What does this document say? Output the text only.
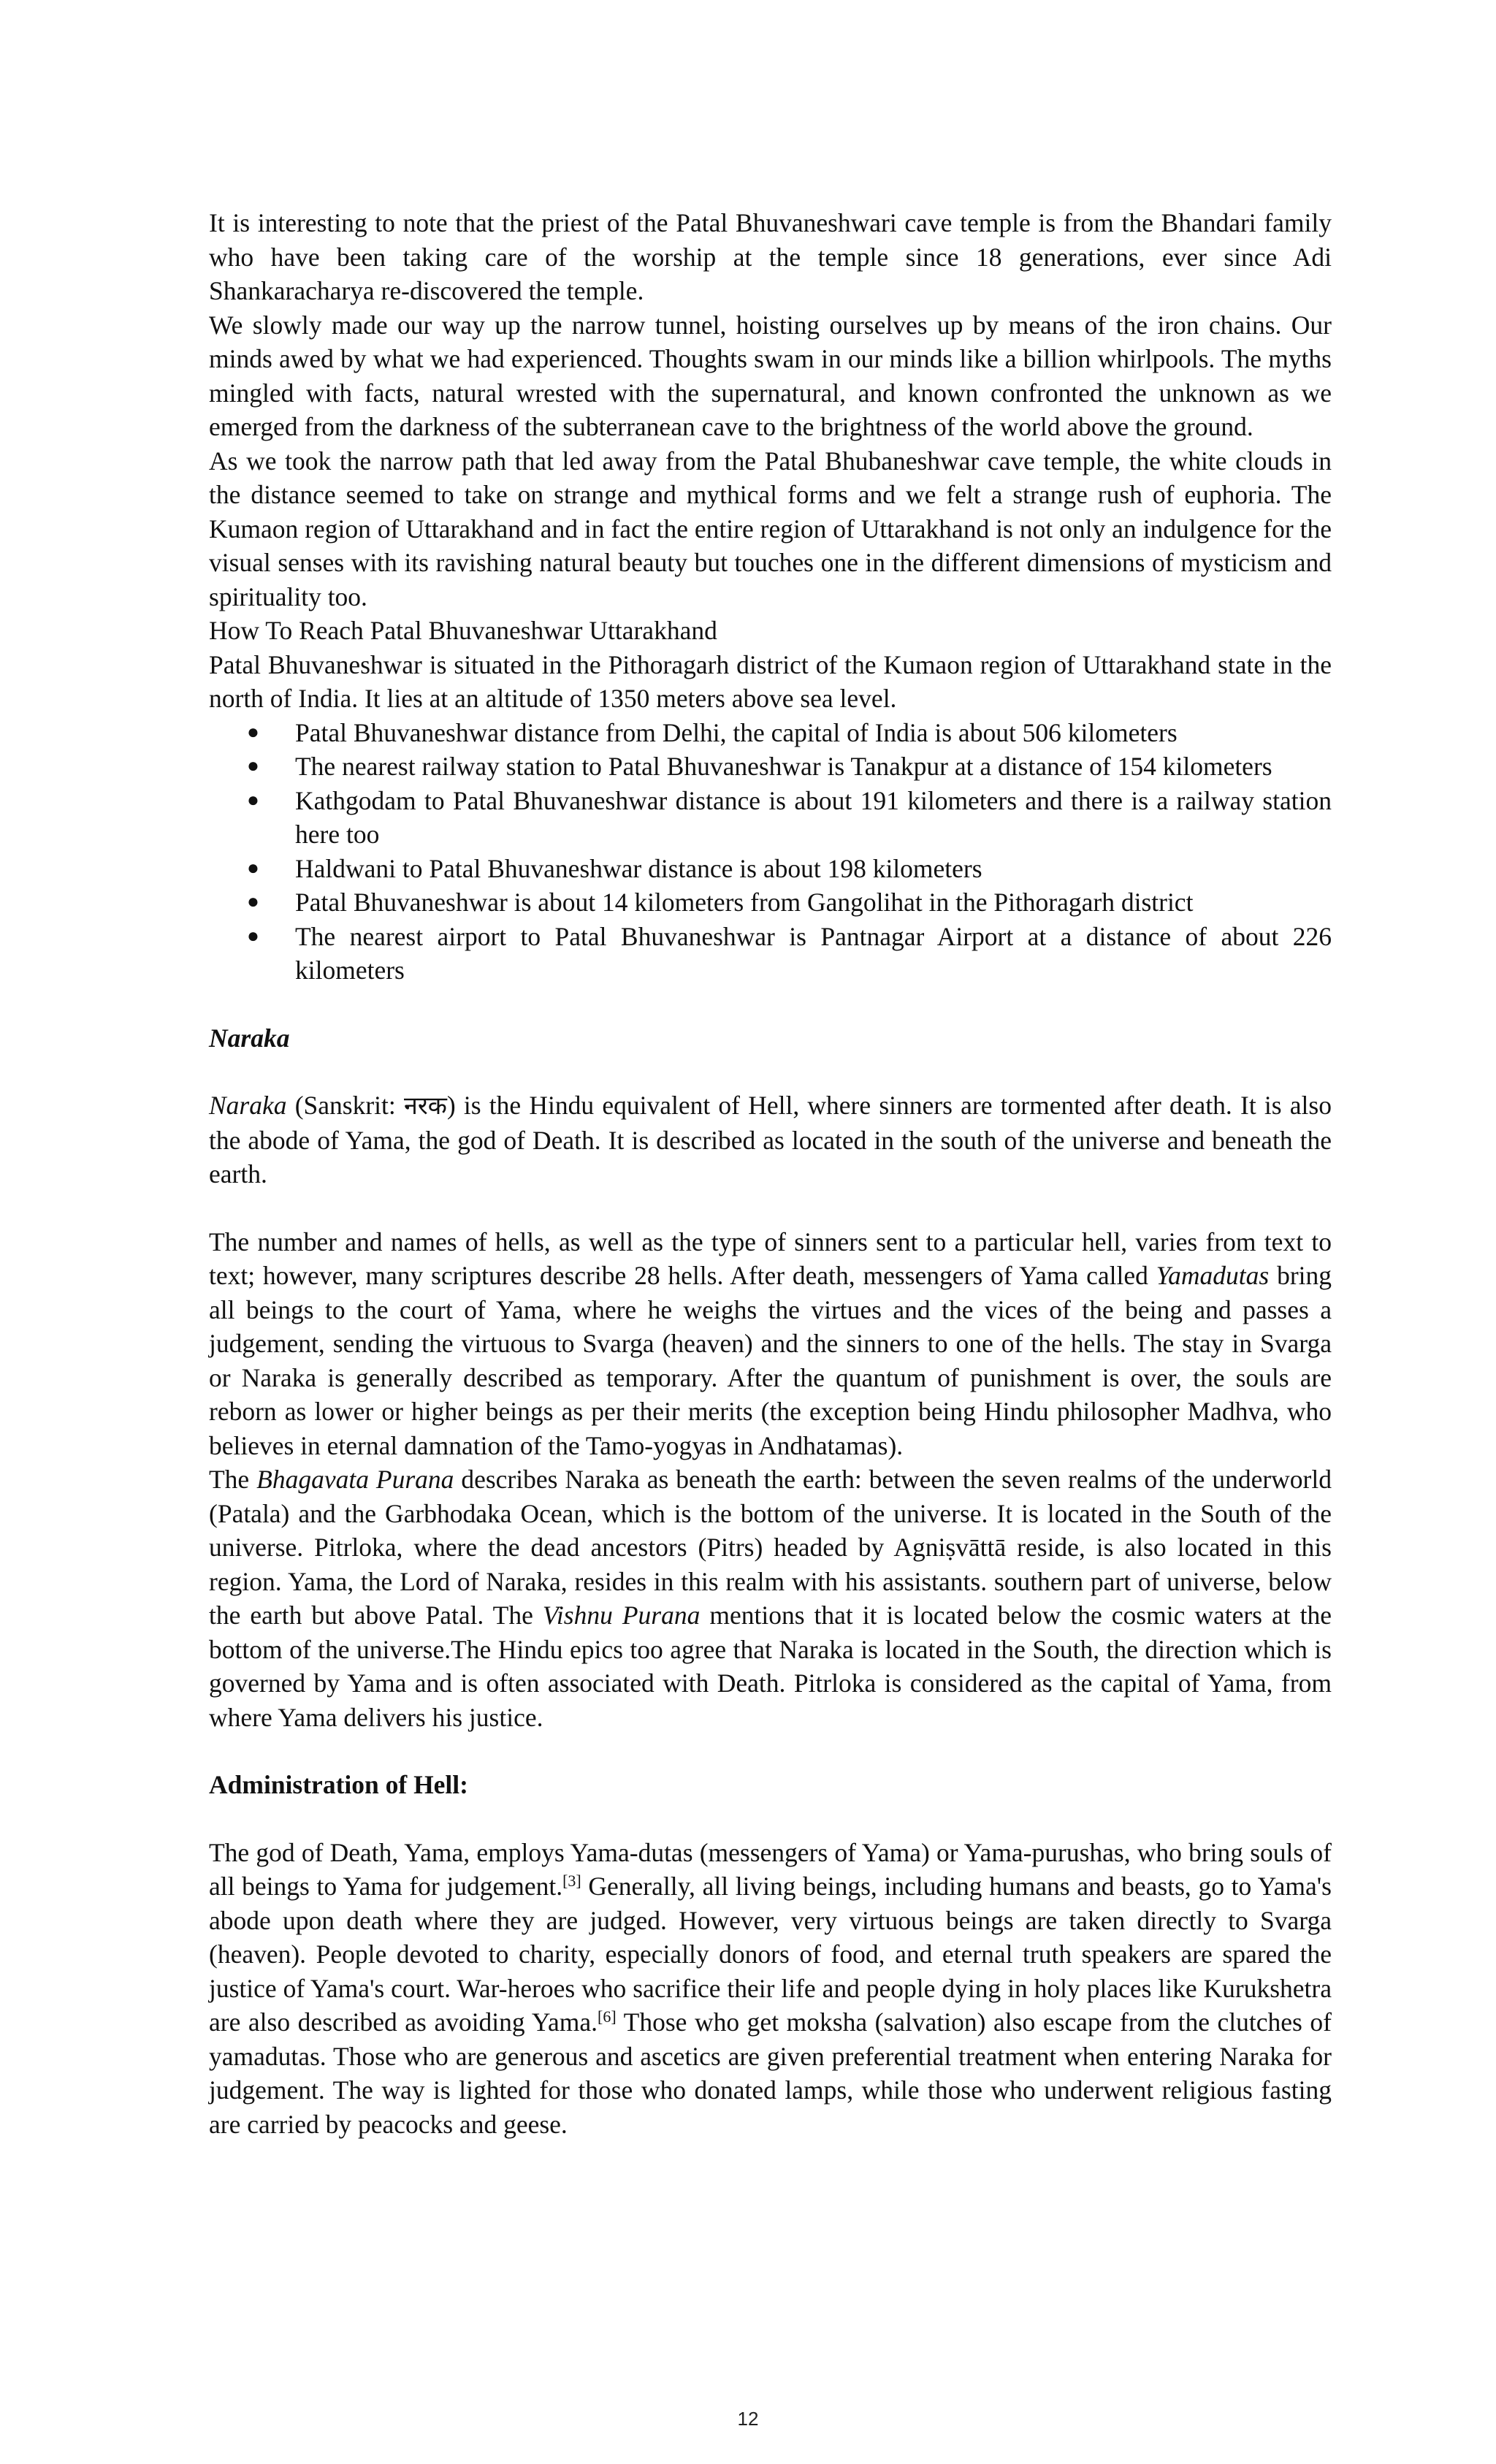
It is interesting to note that the priest of the Patal Bhuvaneshwari cave temple is from the Bhandari family who have been taking care of the worship at the temple since 18 generations, ever since Adi Shankaracharya re-discovered the temple.

We slowly made our way up the narrow tunnel, hoisting ourselves up by means of the iron chains. Our minds awed by what we had experienced. Thoughts swam in our minds like a billion whirlpools. The myths mingled with facts, natural wrested with the supernatural, and known confronted the unknown as we emerged from the darkness of the subterranean cave to the brightness of the world above the ground.

As we took the narrow path that led away from the Patal Bhubaneshwar cave temple, the white clouds in the distance seemed to take on strange and mythical forms and we felt a strange rush of euphoria. The Kumaon region of Uttarakhand and in fact the entire region of Uttarakhand is not only an indulgence for the visual senses with its ravishing natural beauty but touches one in the different dimensions of mysticism and spirituality too.

How To Reach Patal Bhuvaneshwar Uttarakhand

Patal Bhuvaneshwar is situated in the Pithoragarh district of the Kumaon region of Uttarakhand state in the north of India. It lies at an altitude of 1350 meters above sea level.

● Patal Bhuvaneshwar distance from Delhi, the capital of India is about 506 kilometers
● The nearest railway station to Patal Bhuvaneshwar is Tanakpur at a distance of 154 kilometers
● Kathgodam to Patal Bhuvaneshwar distance is about 191 kilometers and there is a railway station here too
● Haldwani to Patal Bhuvaneshwar distance is about 198 kilometers
● Patal Bhuvaneshwar is about 14 kilometers from Gangolihat in the Pithoragarh district
● The nearest airport to Patal Bhuvaneshwar is Pantnagar Airport at a distance of about 226 kilometers

Naraka

Naraka (Sanskrit: नरक) is the Hindu equivalent of Hell, where sinners are tormented after death. It is also the abode of Yama, the god of Death. It is described as located in the south of the universe and beneath the earth.

The number and names of hells, as well as the type of sinners sent to a particular hell, varies from text to text; however, many scriptures describe 28 hells. After death, messengers of Yama called Yamadutas bring all beings to the court of Yama, where he weighs the virtues and the vices of the being and passes a judgement, sending the virtuous to Svarga (heaven) and the sinners to one of the hells. The stay in Svarga or Naraka is generally described as temporary. After the quantum of punishment is over, the souls are reborn as lower or higher beings as per their merits (the exception being Hindu philosopher Madhva, who believes in eternal damnation of the Tamo-yogyas in Andhatamas).

The Bhagavata Purana describes Naraka as beneath the earth: between the seven realms of the underworld (Patala) and the Garbhodaka Ocean, which is the bottom of the universe. It is located in the South of the universe. Pitrloka, where the dead ancestors (Pitrs) headed by Agniṣvāttā reside, is also located in this region. Yama, the Lord of Naraka, resides in this realm with his assistants. southern part of universe, below the earth but above Patal. The Vishnu Purana mentions that it is located below the cosmic waters at the bottom of the universe.The Hindu epics too agree that Naraka is located in the South, the direction which is governed by Yama and is often associated with Death. Pitrloka is considered as the capital of Yama, from where Yama delivers his justice.

Administration of Hell:

The god of Death, Yama, employs Yama-dutas (messengers of Yama) or Yama-purushas, who bring souls of all beings to Yama for judgement.[3] Generally, all living beings, including humans and beasts, go to Yama's abode upon death where they are judged. However, very virtuous beings are taken directly to Svarga (heaven). People devoted to charity, especially donors of food, and eternal truth speakers are spared the justice of Yama's court. War-heroes who sacrifice their life and people dying in holy places like Kurukshetra are also described as avoiding Yama.[6] Those who get moksha (salvation) also escape from the clutches of yamadutas. Those who are generous and ascetics are given preferential treatment when entering Naraka for judgement. The way is lighted for those who donated lamps, while those who underwent religious fasting are carried by peacocks and geese.

12
